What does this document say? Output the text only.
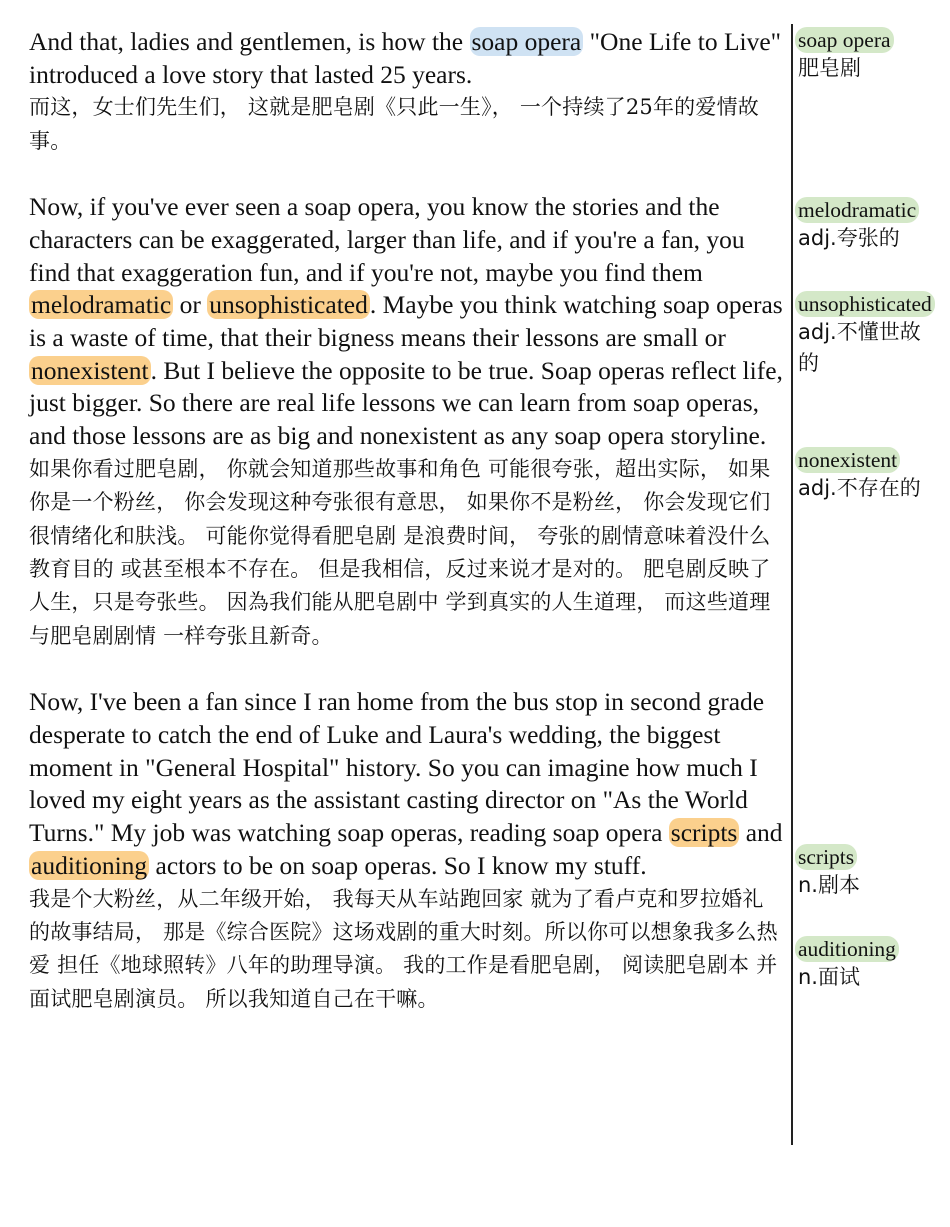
And that, ladies and gentlemen, is how the soap opera "One Life to Live" introduced a love story that lasted 25 years.

而这，女士们先生们， 这就是肥皂剧《只此一生》， 一个持续了25年的爱情故事。

Now, if you've ever seen a soap opera, you know the stories and the characters can be exaggerated, larger than life, and if you're a fan, you find that exaggeration fun, and if you're not, maybe you find them melodramatic or unsophisticated. Maybe you think watching soap operas is a waste of time, that their bigness means their lessons are small or nonexistent. But I believe the opposite to be true. Soap operas reflect life, just bigger. So there are real life lessons we can learn from soap operas, and those lessons are as big and nonexistent as any soap opera storyline.

如果你看过肥皂剧， 你就会知道那些故事和角色 可能很夸张，超出实际， 如果你是一个粉丝， 你会发现这种夸张很有意思， 如果你不是粉丝， 你会发现它们很情绪化和肤浅。 可能你觉得看肥皂剧 是浪费时间， 夸张的剧情意味着没什么教育目的 或甚至根本不存在。 但是我相信，反过来说才是对的。 肥皂剧反映了人生，只是夸张些。 因為我们能从肥皂剧中 学到真实的人生道理， 而这些道理与肥皂剧剧情 一样夸张且新奇。

Now, I've been a fan since I ran home from the bus stop in second grade desperate to catch the end of Luke and Laura's wedding, the biggest moment in "General Hospital" history. So you can imagine how much I loved my eight years as the assistant casting director on "As the World Turns." My job was watching soap operas, reading soap opera scripts and auditioning actors to be on soap operas. So I know my stuff.

我是个大粉丝，从二年级开始， 我每天从车站跑回家 就为了看卢克和罗拉婚礼的故事结局， 那是《综合医院》这场戏剧的重大时刻。所以你可以想象我多么热爱 担任《地球照转》八年的助理导演。 我的工作是看肥皂剧， 阅读肥皂剧本 并面试肥皂剧演员。 所以我知道自己在干嘛。

soap opera
肥皂剧
melodramatic
adj.夸张的
unsophisticated
adj.不懂世故的
nonexistent
adj.不存在的
scripts
n.剧本
auditioning
n.面试
